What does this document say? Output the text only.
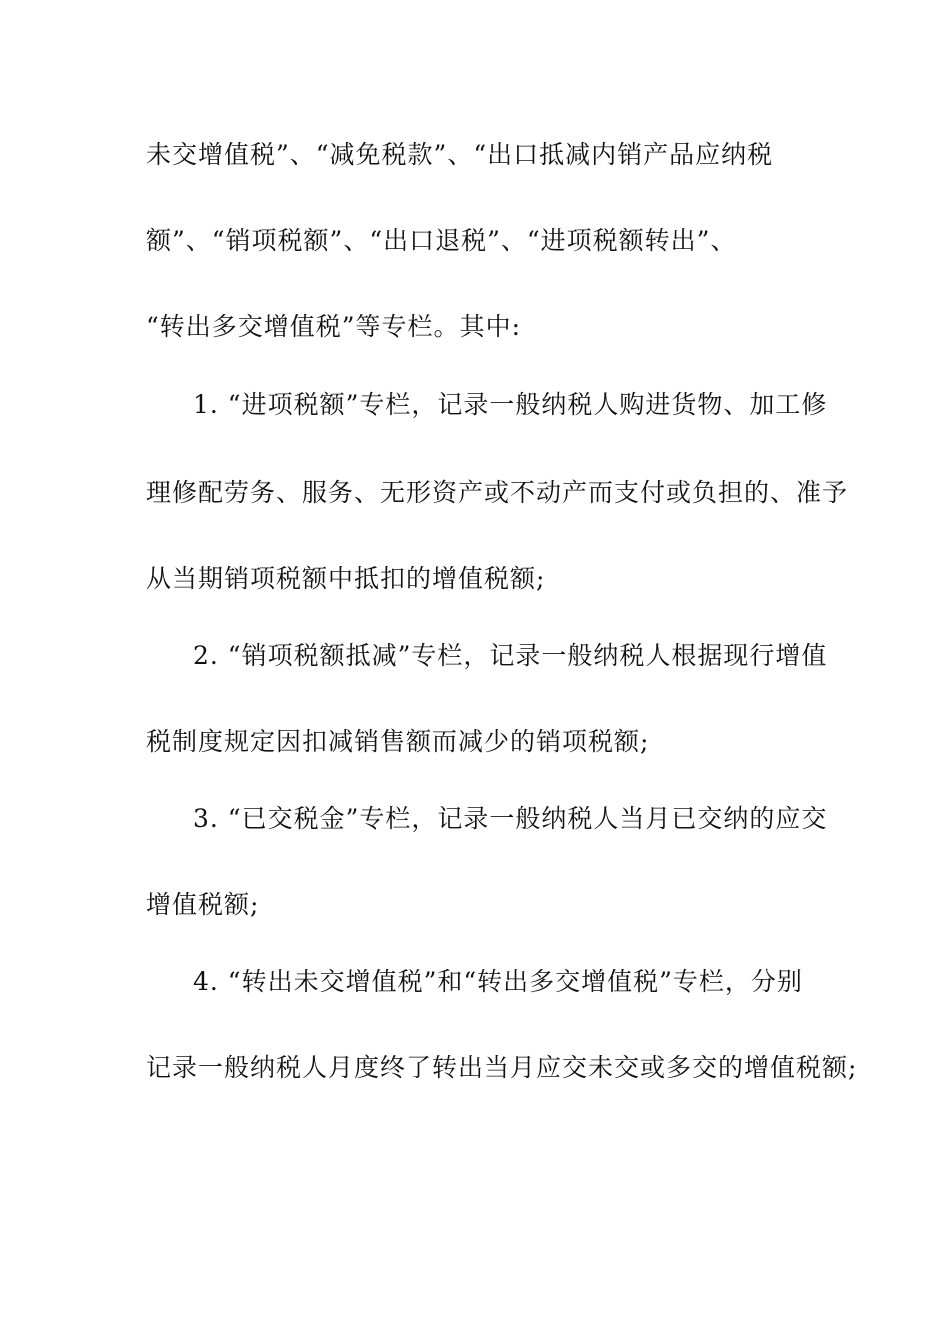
未交增值税”、“减免税款”、“出口抵减内销产品应纳税
额”、“销项税额”、“出口退税”、“进项税额转出”、
“转出多交增值税”等专栏。其中:
1. “进项税额”专栏，记录一般纳税人购进货物、加工修
理修配劳务、服务、无形资产或不动产而支付或负担的、准予
从当期销项税额中抵扣的增值税额;
2. “销项税额抵减”专栏，记录一般纳税人根据现行增值
税制度规定因扣减销售额而减少的销项税额;
3. “已交税金”专栏，记录一般纳税人当月已交纳的应交
增值税额;
4. “转出未交增值税”和“转出多交增值税”专栏，分别
记录一般纳税人月度终了转出当月应交未交或多交的增值税额;
